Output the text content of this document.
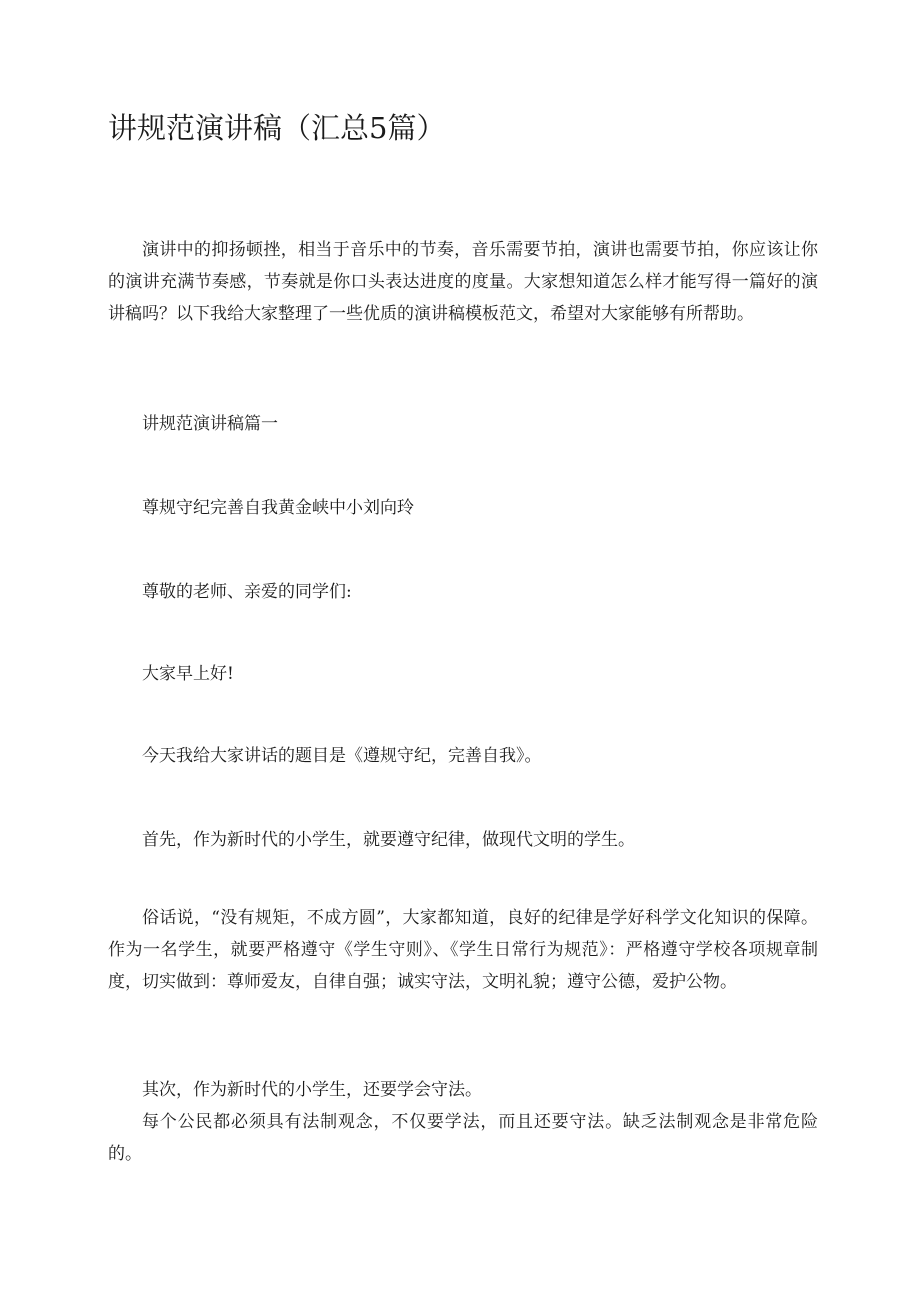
讲规范演讲稿（汇总5篇）

演讲中的抑扬顿挫，相当于音乐中的节奏，音乐需要节拍，演讲也需要节拍，你应该让你的演讲充满节奏感，节奏就是你口头表达进度的度量。大家想知道怎么样才能写得一篇好的演讲稿吗？以下我给大家整理了一些优质的演讲稿模板范文，希望对大家能够有所帮助。

讲规范演讲稿篇一

尊规守纪完善自我黄金峡中小刘向玲

尊敬的老师、亲爱的同学们:

大家早上好!

今天我给大家讲话的题目是《遵规守纪，完善自我》。

首先，作为新时代的小学生，就要遵守纪律，做现代文明的学生。

俗话说，“没有规矩，不成方圆”，大家都知道，良好的纪律是学好科学文化知识的保障。作为一名学生，就要严格遵守《学生守则》、《学生日常行为规范》：严格遵守学校各项规章制度，切实做到：尊师爱友，自律自强；诚实守法，文明礼貌；遵守公德，爱护公物。

其次，作为新时代的小学生，还要学会守法。

每个公民都必须具有法制观念，不仅要学法，而且还要守法。缺乏法制观念是非常危险的。
